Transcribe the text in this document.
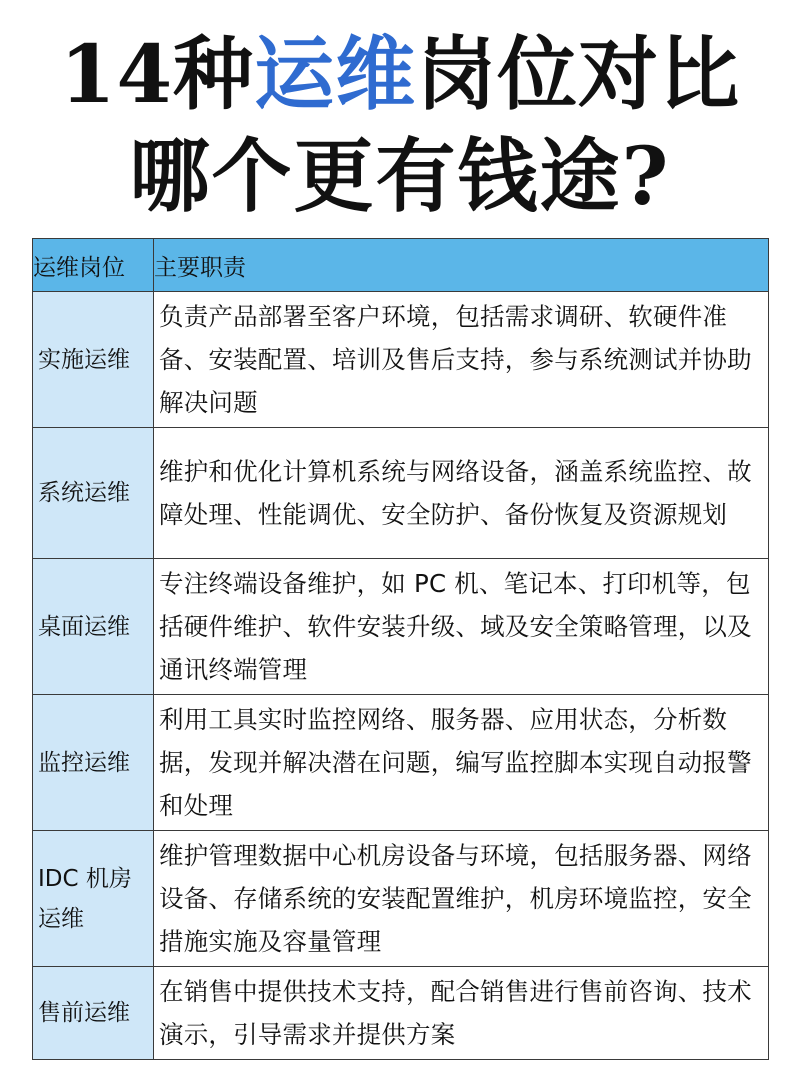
14种运维岗位对比
哪个更有钱途?
运维岗位	主要职责
实施运维	负责产品部署至客户环境，包括需求调研、软硬件准备、安装配置、培训及售后支持，参与系统测试并协助解决问题
系统运维	维护和优化计算机系统与网络设备，涵盖系统监控、故障处理、性能调优、安全防护、备份恢复及资源规划
桌面运维	专注终端设备维护，如 PC 机、笔记本、打印机等，包括硬件维护、软件安装升级、域及安全策略管理，以及通讯终端管理
监控运维	利用工具实时监控网络、服务器、应用状态，分析数据，发现并解决潜在问题，编写监控脚本实现自动报警和处理
IDC 机房运维	维护管理数据中心机房设备与环境，包括服务器、网络设备、存储系统的安装配置维护，机房环境监控，安全措施实施及容量管理
售前运维	在销售中提供技术支持，配合销售进行售前咨询、技术演示，引导需求并提供方案
